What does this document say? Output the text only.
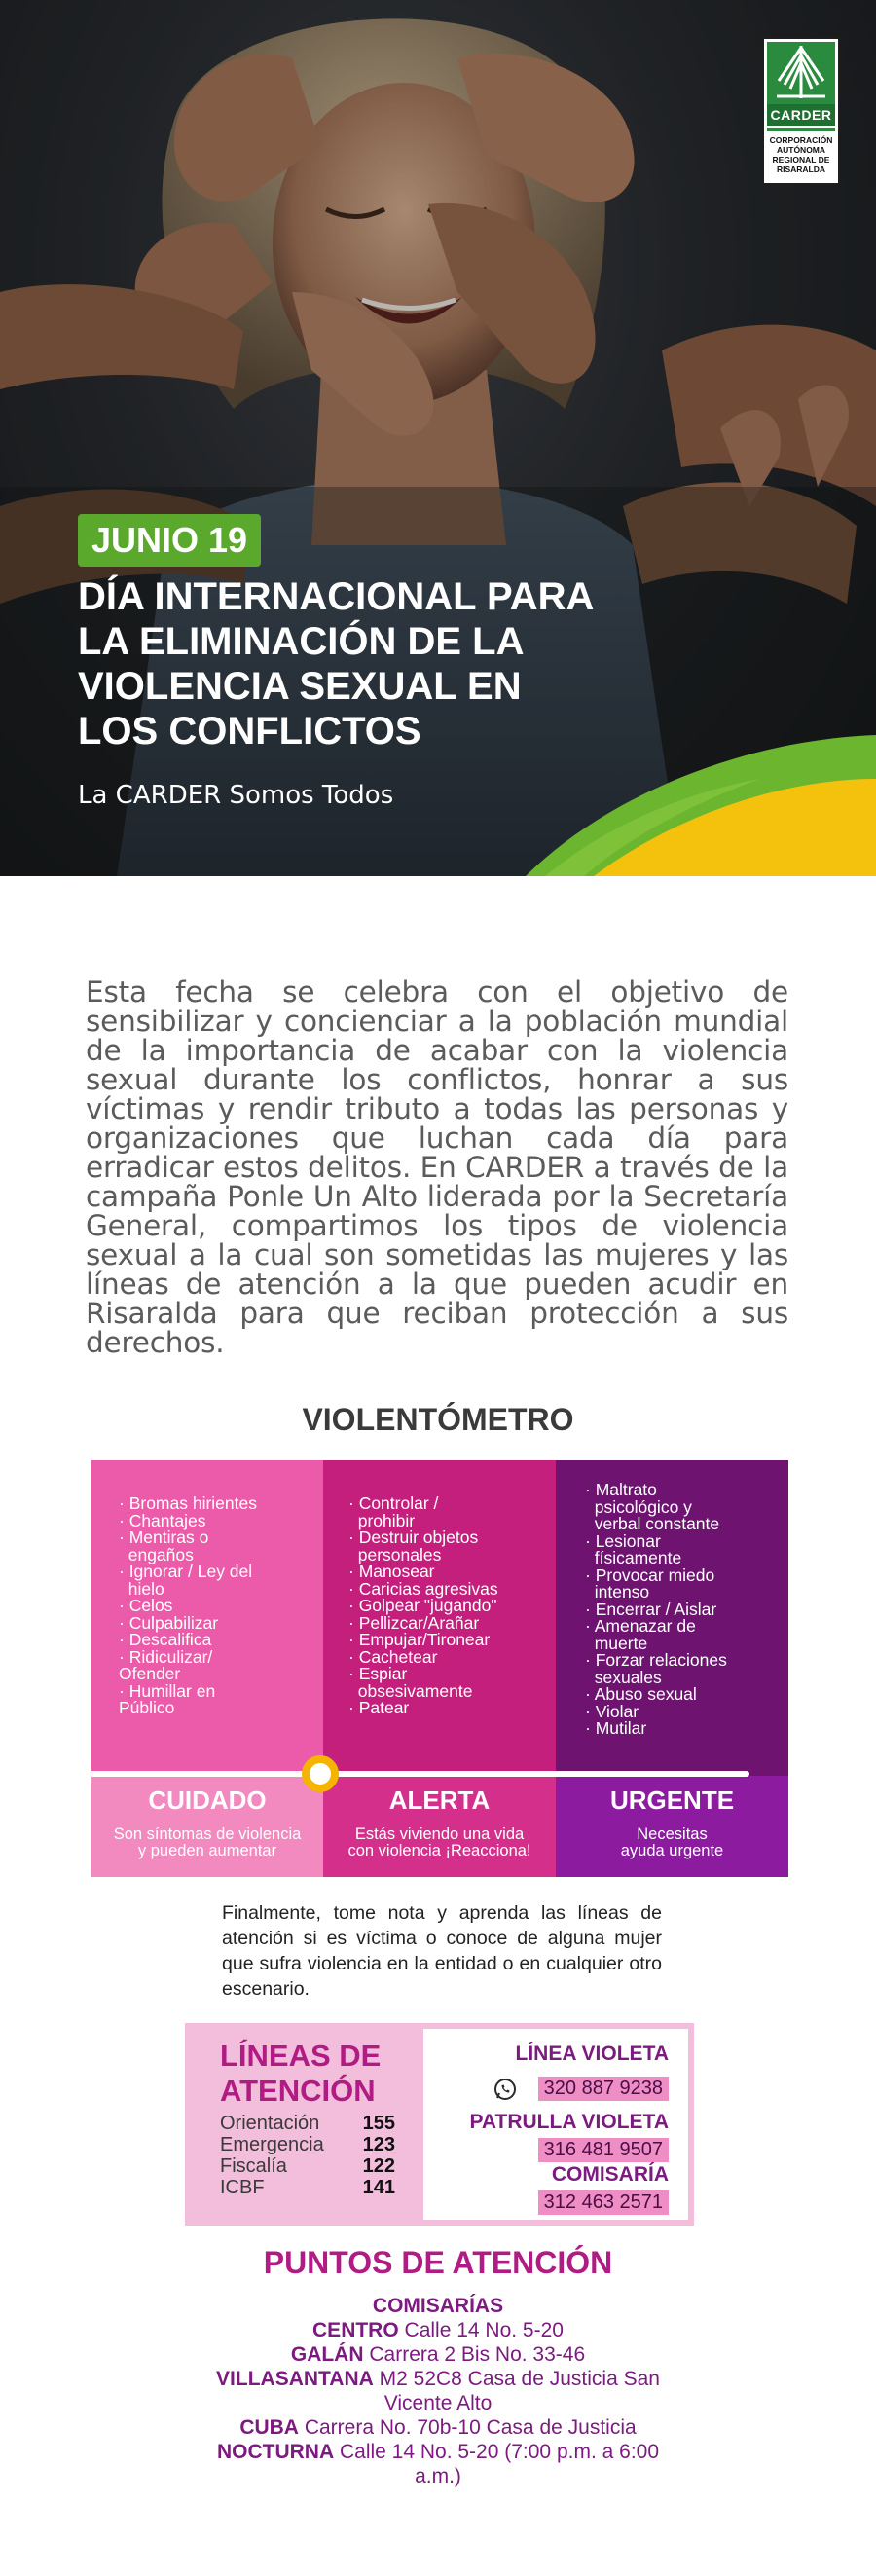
CARDER
CORPORACIÓN
AUTÓNOMA
REGIONAL DE
RISARALDA
JUNIO 19
DÍA INTERNACIONAL PARA
LA ELIMINACIÓN DE LA
VIOLENCIA SEXUAL EN
LOS CONFLICTOS
La CARDER Somos Todos

Esta fecha se celebra con el objetivo de sensibilizar y concienciar a la población mundial de la importancia de acabar con la violencia sexual durante los conflictos, honrar a sus víctimas y rendir tributo a todas las personas y organizaciones que luchan cada día para erradicar estos delitos. En CARDER a través de la campaña Ponle Un Alto liderada por la Secretaría General, compartimos los tipos de violencia sexual a la cual son sometidas las mujeres y las líneas de atención a la que pueden acudir en Risaralda para que reciban protección a sus derechos.

VIOLENTÓMETRO
· Bromas hirientes
· Chantajes
· Mentiras o
engaños
· Ignorar / Ley del
hielo
· Celos
· Culpabilizar
· Descalifica
· Ridiculizar/
Ofender
· Humillar en
Público
· Controlar /
prohibir
· Destruir objetos
personales
· Manosear
· Caricias agresivas
· Golpear "jugando"
· Pellizcar/Arañar
· Empujar/Tironear
· Cachetear
· Espiar
obsesivamente
· Patear
· Maltrato
psicológico y
verbal constante
· Lesionar
físicamente
· Provocar miedo
intenso
· Encerrar / Aislar
· Amenazar de
muerte
· Forzar relaciones
sexuales
· Abuso sexual
· Violar
· Mutilar
CUIDADO
Son síntomas de violencia
y pueden aumentar
ALERTA
Estás viviendo una vida
con violencia ¡Reacciona!
URGENTE
Necesitas
ayuda urgente

Finalmente, tome nota y aprenda las líneas de atención si es víctima o conoce de alguna mujer que sufra violencia en la entidad o en cualquier otro escenario.

LÍNEAS DE
ATENCIÓN
Orientación	155
Emergencia	123
Fiscalía	122
ICBF	141
LÍNEA VIOLETA
320 887 9238
PATRULLA VIOLETA
316 481 9507
COMISARÍA
312 463 2571
PUNTOS DE ATENCIÓN
COMISARÍAS
CENTRO Calle 14 No. 5-20
GALÁN Carrera 2 Bis No. 33-46
VILLASANTANA M2 52C8 Casa de Justicia San Vicente Alto
CUBA Carrera No. 70b-10 Casa de Justicia
NOCTURNA Calle 14 No. 5-20 (7:00 p.m. a 6:00 a.m.)
